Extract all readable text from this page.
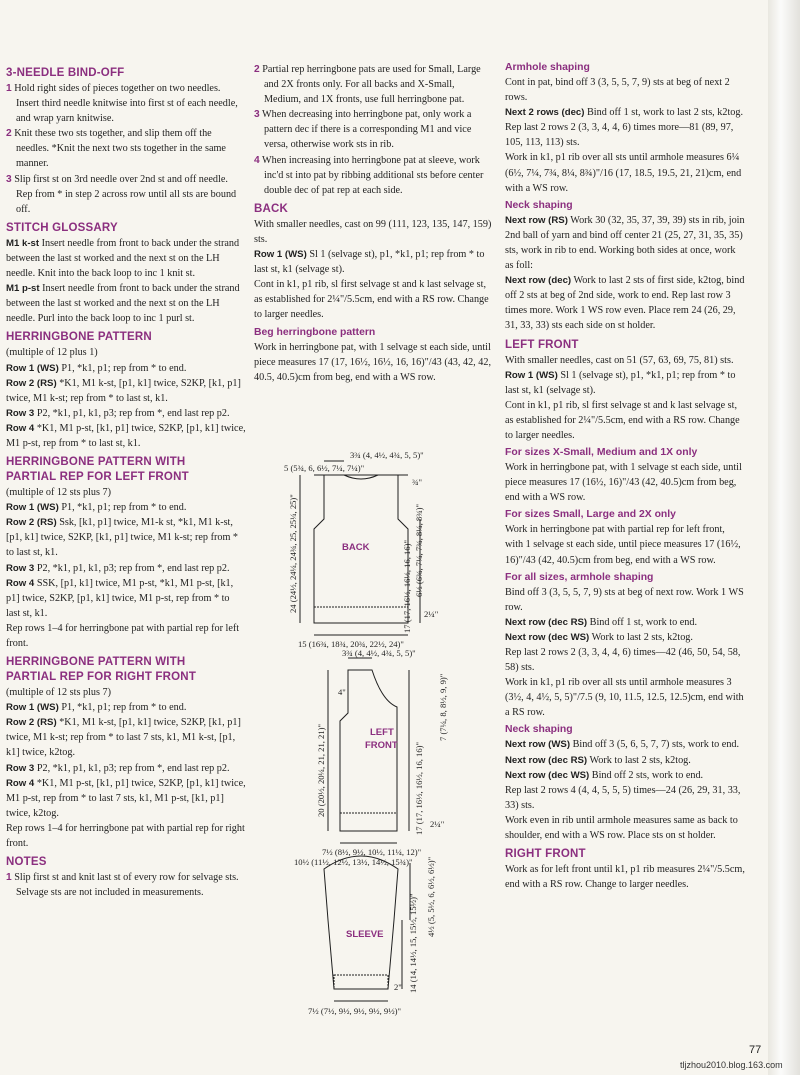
3-NEEDLE BIND-OFF

1 Hold right sides of pieces together on two needles. Insert third needle knitwise into first st of each needle, and wrap yarn knitwise.

2 Knit these two sts together, and slip them off the needles. *Knit the next two sts together in the same manner.

3 Slip first st on 3rd needle over 2nd st and off needle. Rep from * in step 2 across row until all sts are bound off.

STITCH GLOSSARY

M1 k-st Insert needle from front to back under the strand between the last st worked and the next st on the LH needle. Knit into the back loop to inc 1 knit st.

M1 p-st Insert needle from front to back under the strand between the last st worked and the next st on the LH needle. Purl into the back loop to inc 1 purl st.

HERRINGBONE PATTERN

(multiple of 12 plus 1)

Row 1 (WS) P1, *k1, p1; rep from * to end.

Row 2 (RS) *K1, M1 k-st, [p1, k1] twice, S2KP, [k1, p1] twice, M1 k-st; rep from * to last st, k1.

Row 3 P2, *k1, p1, k1, p3; rep from *, end last rep p2.

Row 4 *K1, M1 p-st, [k1, p1] twice, S2KP, [p1, k1] twice, M1 p-st, rep from * to last st, k1.

HERRINGBONE PATTERN WITH
PARTIAL REP FOR LEFT FRONT

(multiple of 12 sts plus 7)

Row 1 (WS) P1, *k1, p1; rep from * to end.

Row 2 (RS) Ssk, [k1, p1] twice, M1-k st, *k1, M1 k-st, [p1, k1] twice, S2KP, [k1, p1] twice, M1 k-st; rep from * to last st, k1.

Row 3 P2, *k1, p1, k1, p3; rep from *, end last rep p2.

Row 4 SSK, [p1, k1] twice, M1 p-st, *k1, M1 p-st, [k1, p1] twice, S2KP, [p1, k1] twice, M1 p-st, rep from * to last st, k1.

Rep rows 1–4 for herringbone pat with partial rep for left front.

HERRINGBONE PATTERN WITH
PARTIAL REP FOR RIGHT FRONT

(multiple of 12 sts plus 7)

Row 1 (WS) P1, *k1, p1; rep from * to end.

Row 2 (RS) *K1, M1 k-st, [p1, k1] twice, S2KP, [k1, p1] twice, M1 k-st; rep from * to last 7 sts, k1, M1 k-st, [p1, k1] twice, k2tog.

Row 3 P2, *k1, p1, k1, p3; rep from *, end last rep p2.

Row 4 *K1, M1 p-st, [k1, p1] twice, S2KP, [p1, k1] twice, M1 p-st, rep from * to last 7 sts, k1, M1 p-st, [k1, p1] twice, k2tog.

Rep rows 1–4 for herringbone pat with partial rep for right front.

NOTES

1 Slip first st and knit last st of every row for selvage sts. Selvage sts are not included in measurements.

2 Partial rep herringbone pats are used for Small, Large and 2X fronts only. For all backs and X-Small, Medium, and 1X fronts, use full herringbone pat.

3 When decreasing into herringbone pat, only work a pattern dec if there is a corresponding M1 and vice versa, otherwise work sts in rib.

4 When increasing into herringbone pat at sleeve, work inc'd st into pat by ribbing additional sts before center double dec of pat rep at each side.

BACK

With smaller needles, cast on 99 (111, 123, 135, 147, 159) sts.

Row 1 (WS) Sl 1 (selvage st), p1, *k1, p1; rep from * to last st, k1 (selvage st).

Cont in k1, p1 rib, sl first selvage st and k last selvage st, as established for 2¼"/5.5cm, end with a RS row. Change to larger needles.

Beg herringbone pattern

Work in herringbone pat, with 1 selvage st each side, until piece measures 17 (17, 16½, 16½, 16, 16)"/43 (43, 42, 42, 40.5, 40.5)cm from beg, end with a WS row.

BACK
3¾ (4, 4½, 4¾, 5, 5)"
5 (5¾, 6, 6½, 7¼, 7¼)"
¾"
6½ (6¾, 7¼, 7¾, 8¼, 8¾)"
24 (24½, 24¼, 24¾, 25, 25¼, 25)"	17 (17, 16½, 16½, 16, 16)" 2¼"
15 (16¾, 18¾, 20¾, 22½, 24)"
3¾ (4, 4½, 4¾, 5, 5)"
4"
LEFT
FRONT
7 (7¼, 8, 8½, 9, 9)"
20 (20½, 20¼, 21, 21, 21)"	17 (17, 16½, 16½, 16, 16)" 2¼"
7½ (8½, 9½, 10½, 11¼, 12)"
10½ (11½, 12½, 13½, 14½, 15¾)"
SLEEVE	4½ (5, 5½, 6, 6½, 6½)"
14 (14, 14½, 15, 15½, 15½)"
2"
7½ (7½, 9½, 9½, 9½, 9½)"
Armhole shaping

Cont in pat, bind off 3 (3, 5, 5, 7, 9) sts at beg of next 2 rows.

Next 2 rows (dec) Bind off 1 st, work to last 2 sts, k2tog.

Rep last 2 rows 2 (3, 3, 4, 4, 6) times more—81 (89, 97, 105, 113, 113) sts.

Work in k1, p1 rib over all sts until armhole measures 6¼ (6½, 7¼, 7¾, 8¼, 8¾)"/16 (17, 18.5, 19.5, 21, 21)cm, end with a WS row.

Neck shaping

Next row (RS) Work 30 (32, 35, 37, 39, 39) sts in rib, join 2nd ball of yarn and bind off center 21 (25, 27, 31, 35, 35) sts, work in rib to end. Working both sides at once, work as foll:

Next row (dec) Work to last 2 sts of first side, k2tog, bind off 2 sts at beg of 2nd side, work to end. Rep last row 3 times more. Work 1 WS row even. Place rem 24 (26, 29, 31, 33, 33) sts each side on st holder.

LEFT FRONT

With smaller needles, cast on 51 (57, 63, 69, 75, 81) sts.

Row 1 (WS) Sl 1 (selvage st), p1, *k1, p1; rep from * to last st, k1 (selvage st).

Cont in k1, p1 rib, sl first selvage st and k last selvage st, as established for 2¼"/5.5cm, end with a RS row. Change to larger needles.

For sizes X-Small, Medium and 1X only

Work in herringbone pat, with 1 selvage st each side, until piece measures 17 (16½, 16)"/43 (42, 40.5)cm from beg, end with a WS row.

For sizes Small, Large and 2X only

Work in herringbone pat with partial rep for left front, with 1 selvage st each side, until piece measures 17 (16½, 16)"/43 (42, 40.5)cm from beg, end with a WS row.

For all sizes, armhole shaping

Bind off 3 (3, 5, 5, 7, 9) sts at beg of next row. Work 1 WS row.

Next row (dec RS) Bind off 1 st, work to end.

Next row (dec WS) Work to last 2 sts, k2tog.

Rep last 2 rows 2 (3, 3, 4, 4, 6) times—42 (46, 50, 54, 58, 58) sts.

Work in k1, p1 rib over all sts until armhole measures 3 (3½, 4, 4½, 5, 5)"/7.5 (9, 10, 11.5, 12.5, 12.5)cm, end with a RS row.

Neck shaping

Next row (WS) Bind off 3 (5, 6, 5, 7, 7) sts, work to end.

Next row (dec RS) Work to last 2 sts, k2tog.

Next row (dec WS) Bind off 2 sts, work to end.

Rep last 2 rows 4 (4, 4, 5, 5, 5) times—24 (26, 29, 31, 33, 33) sts.

Work even in rib until armhole measures same as back to shoulder, end with a WS row. Place sts on st holder.

RIGHT FRONT

Work as for left front until k1, p1 rib measures 2¼"/5.5cm, end with a RS row. Change to larger needles.

77
tljzhou2010.blog.163.com
